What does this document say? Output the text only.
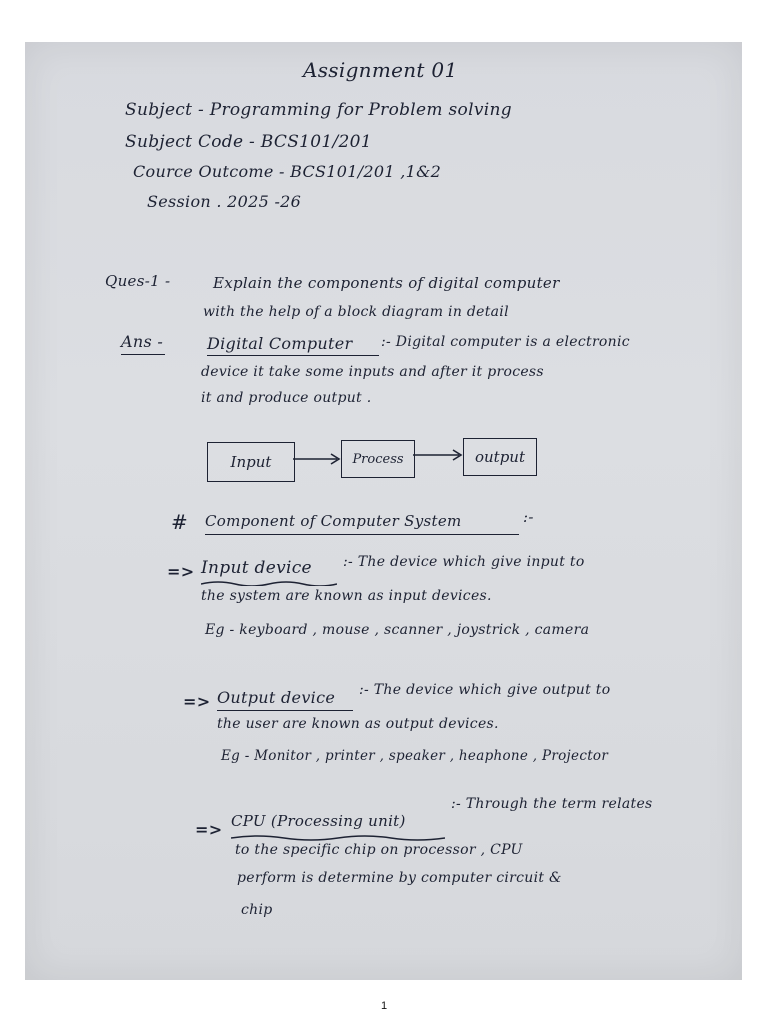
Assignment 01
Subject - Programming for Problem solving
Subject Code - BCS101/201
Cource Outcome - BCS101/201 ,1&2
Session . 2025 -26
Ques-1 -	Explain the components of digital computer
with the help of a block diagram in detail
Ans -	Digital Computer :- Digital computer is a electronic
device it take some inputs and after it process
it and produce output .
Input	Process	output
# Component of Computer System	:-
=> Input device :- The device which give input to
the system are known as input devices.
Eg - keyboard , mouse , scanner , joystrick , camera
=> Output device :- The device which give output to
the user are known as output devices.
Eg - Monitor , printer , speaker , heaphone , Projector
=> CPU (Processing unit)
:- Through the term relates
to the specific chip on processor , CPU
perform is determine by computer circuit &
chip
1
